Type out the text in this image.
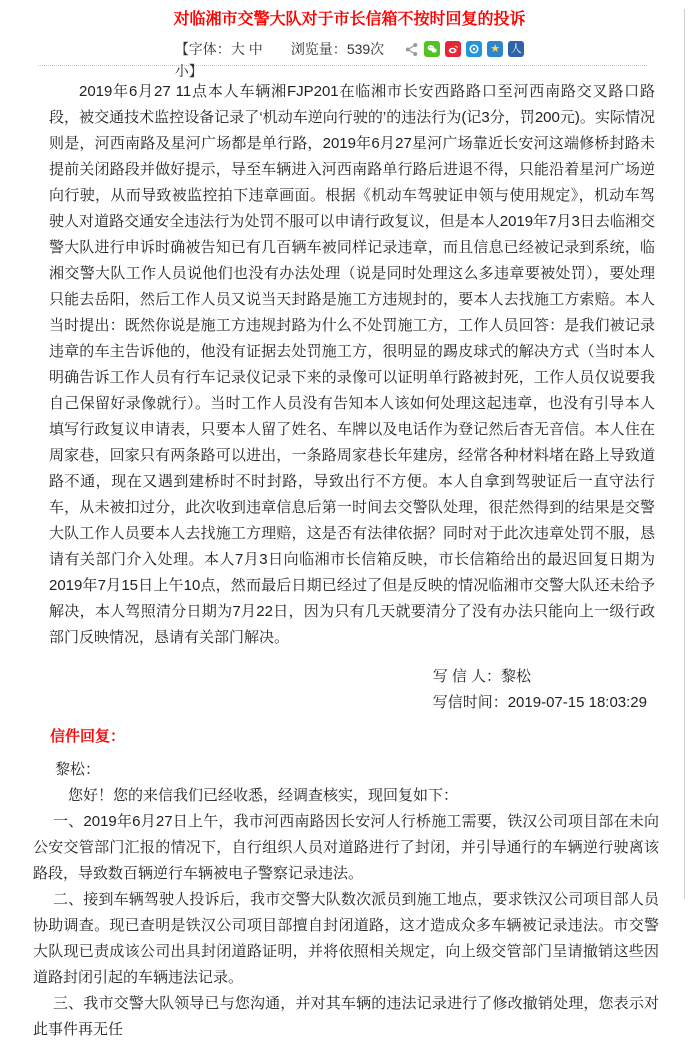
对临湘市交警大队对于市长信箱不按时回复的投诉
【字体：大 中 小】
浏览量：539次	★ 人

2019年6月27 11点本人车辆湘FJP201在临湘市长安西路路口至河西南路交叉路口路段，被交通技术监控设备记录了‘机动车逆向行驶的’的违法行为(记3分，罚200元)。实际情况则是，河西南路及星河广场都是单行路，2019年6月27星河广场靠近长安河这端修桥封路未提前关闭路段并做好提示，导至车辆进入河西南路单行路后进退不得，只能沿着星河广场逆向行驶，从而导致被监控拍下违章画面。根据《机动车驾驶证申领与使用规定》，机动车驾驶人对道路交通安全违法行为处罚不服可以申请行政复议，但是本人2019年7月3日去临湘交警大队进行申诉时确被告知已有几百辆车被同样记录违章，而且信息已经被记录到系统，临湘交警大队工作人员说他们也没有办法处理（说是同时处理这么多违章要被处罚），要处理只能去岳阳，然后工作人员又说当天封路是施工方违规封的，要本人去找施工方索赔。本人当时提出：既然你说是施工方违规封路为什么不处罚施工方，工作人员回答：是我们被记录违章的车主告诉他的，他没有证据去处罚施工方，很明显的踢皮球式的解决方式（当时本人明确告诉工作人员有行车记录仪记录下来的录像可以证明单行路被封死，工作人员仅说要我自己保留好录像就行）。当时工作人员没有告知本人该如何处理这起违章，也没有引导本人填写行政复议申请表，只要本人留了姓名、车牌以及电话作为登记然后杳无音信。本人住在周家巷，回家只有两条路可以进出，一条路周家巷长年建房，经常各种材料堵在路上导致道路不通，现在又遇到建桥时不时封路，导致出行不方便。本人自拿到驾驶证后一直守法行车，从未被扣过分，此次收到违章信息后第一时间去交警队处理，很茫然得到的结果是交警大队工作人员要本人去找施工方理赔，这是否有法律依据？同时对于此次违章处罚不服，恳请有关部门介入处理。本人7月3日向临湘市长信箱反映，市长信箱给出的最迟回复日期为2019年7月15日上午10点，然而最后日期已经过了但是反映的情况临湘市交警大队还未给予解决，本人驾照清分日期为7月22日，因为只有几天就要清分了没有办法只能向上一级行政部门反映情况，恳请有关部门解决。

写 信 人：黎松
写信时间：2019-07-15 18:03:29
信件回复：

黎松：

您好！您的来信我们已经收悉，经调查核实，现回复如下：

一、2019年6月27日上午，我市河西南路因长安河人行桥施工需要，铁汉公司项目部在未向公安交管部门汇报的情况下，自行组织人员对道路进行了封闭，并引导通行的车辆逆行驶离该路段，导致数百辆逆行车辆被电子警察记录违法。

二、接到车辆驾驶人投诉后，我市交警大队数次派员到施工地点，要求铁汉公司项目部人员协助调查。现已查明是铁汉公司项目部擅自封闭道路，这才造成众多车辆被记录违法。市交警大队现已责成该公司出具封闭道路证明，并将依照相关规定，向上级交管部门呈请撤销这些因道路封闭引起的车辆违法记录。

三、我市交警大队领导已与您沟通，并对其车辆的违法记录进行了修改撤销处理，您表示对此事件再无任
